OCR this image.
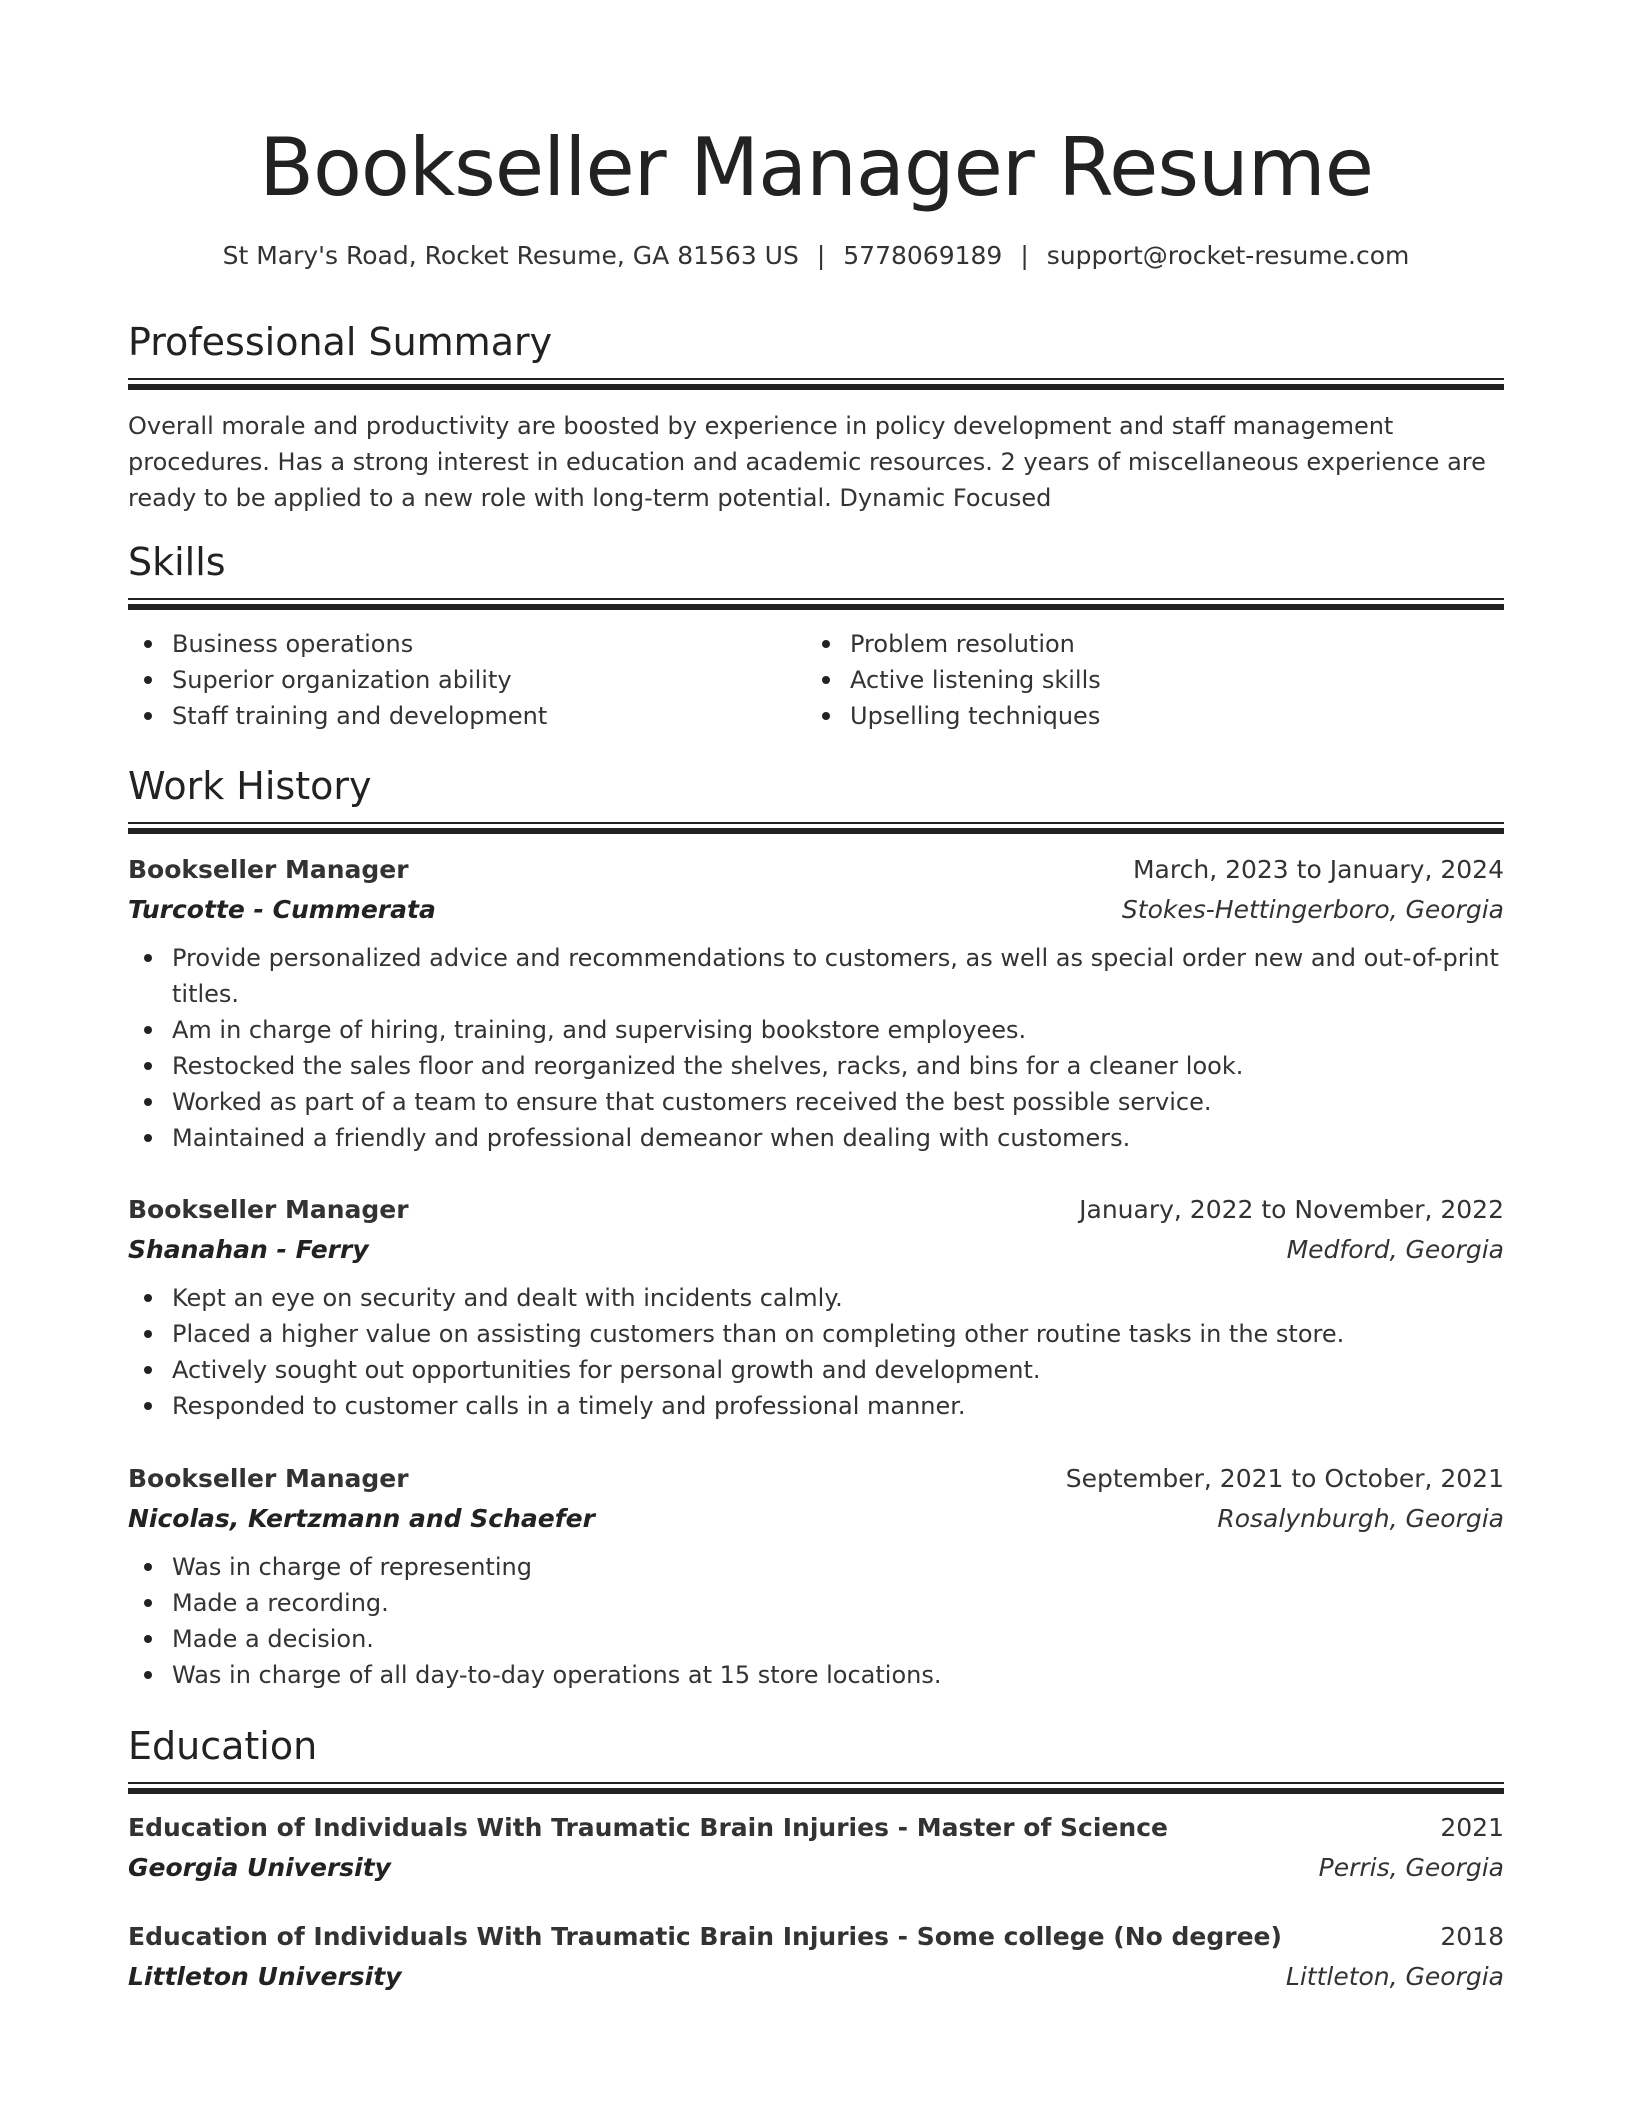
Bookseller Manager Resume
St Mary's Road, Rocket Resume, GA 81563 US | 5778069189 | support@rocket-resume.com
Professional Summary
Overall morale and productivity are boosted by experience in policy development and staff management procedures. Has a strong interest in education and academic resources. 2 years of miscellaneous experience are ready to be applied to a new role with long-term potential. Dynamic Focused
Skills
Business operations
Superior organization ability
Staff training and development
Problem resolution
Active listening skills
Upselling techniques
Work History
Bookseller Manager	March, 2023 to January, 2024
Turcotte - Cummerata	Stokes-Hettingerboro, Georgia
Provide personalized advice and recommendations to customers, as well as special order new and out-of-print titles.
Am in charge of hiring, training, and supervising bookstore employees.
Restocked the sales floor and reorganized the shelves, racks, and bins for a cleaner look.
Worked as part of a team to ensure that customers received the best possible service.
Maintained a friendly and professional demeanor when dealing with customers.
Bookseller Manager	January, 2022 to November, 2022
Shanahan - Ferry	Medford, Georgia
Kept an eye on security and dealt with incidents calmly.
Placed a higher value on assisting customers than on completing other routine tasks in the store.
Actively sought out opportunities for personal growth and development.
Responded to customer calls in a timely and professional manner.
Bookseller Manager	September, 2021 to October, 2021
Nicolas, Kertzmann and Schaefer	Rosalynburgh, Georgia
Was in charge of representing
Made a recording.
Made a decision.
Was in charge of all day-to-day operations at 15 store locations.
Education
Education of Individuals With Traumatic Brain Injuries - Master of Science	2021
Georgia University	Perris, Georgia
Education of Individuals With Traumatic Brain Injuries - Some college (No degree)	2018
Littleton University	Littleton, Georgia
